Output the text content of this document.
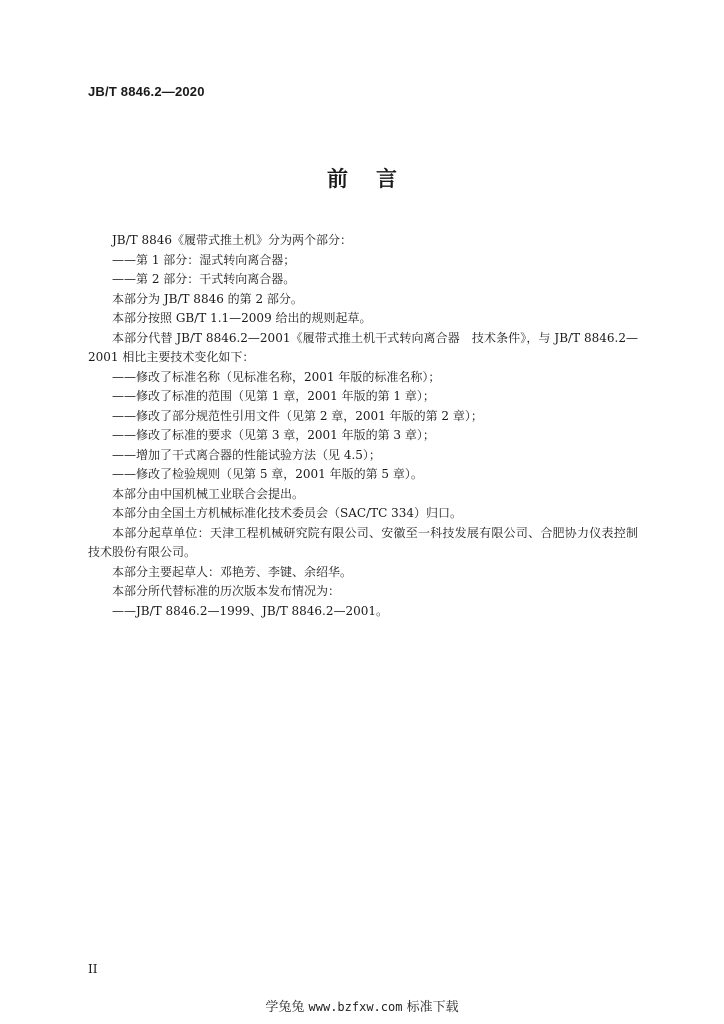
JB/T 8846.2—2020
前言

JB/T 8846《履带式推土机》分为两个部分：

——第 1 部分：湿式转向离合器；

——第 2 部分：干式转向离合器。

本部分为 JB/T 8846 的第 2 部分。

本部分按照 GB/T 1.1—2009 给出的规则起草。

本部分代替 JB/T 8846.2—2001《履带式推土机干式转向离合器　技术条件》，与 JB/T 8846.2—2001 相比主要技术变化如下：

——修改了标准名称（见标准名称，2001 年版的标准名称）；

——修改了标准的范围（见第 1 章，2001 年版的第 1 章）；

——修改了部分规范性引用文件（见第 2 章，2001 年版的第 2 章）；

——修改了标准的要求（见第 3 章，2001 年版的第 3 章）；

——增加了干式离合器的性能试验方法（见 4.5）；

——修改了检验规则（见第 5 章，2001 年版的第 5 章）。

本部分由中国机械工业联合会提出。

本部分由全国土方机械标准化技术委员会（SAC/TC 334）归口。

本部分起草单位：天津工程机械研究院有限公司、安徽至一科技发展有限公司、合肥协力仪表控制技术股份有限公司。

本部分主要起草人：邓艳芳、李键、余绍华。

本部分所代替标准的历次版本发布情况为：

——JB/T 8846.2—1999、JB/T 8846.2—2001。

II
学兔兔 www.bzfxw.com 标准下载
